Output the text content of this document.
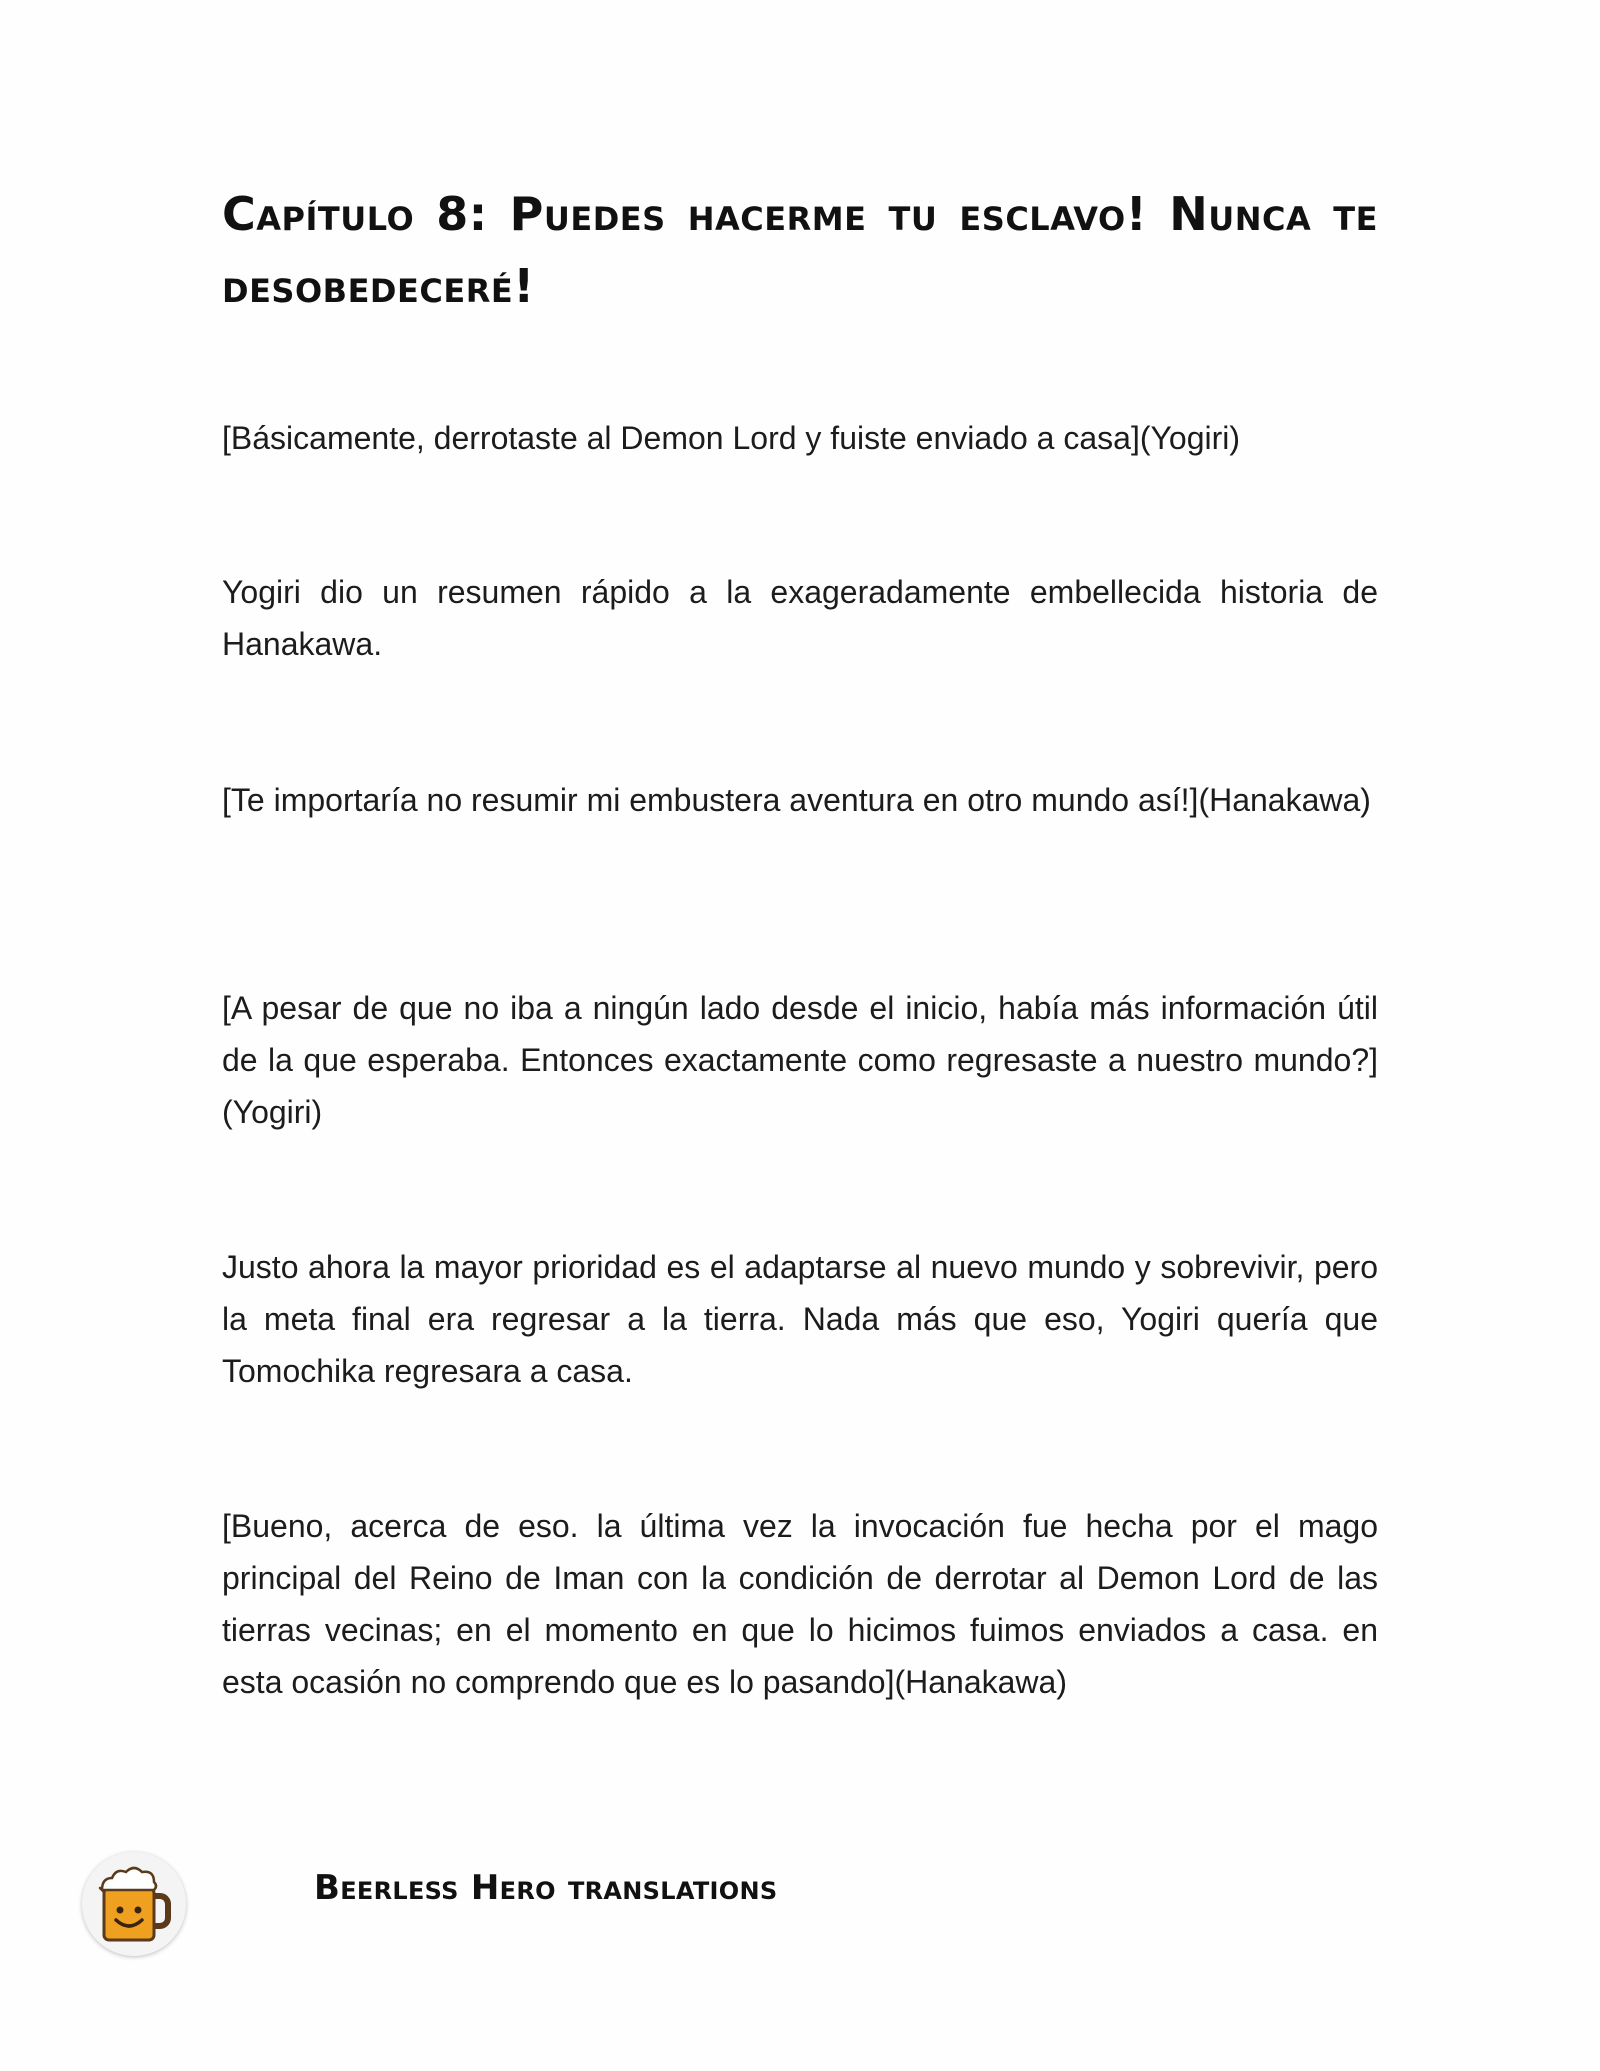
Capítulo 8: Puedes hacerme tu esclavo! Nunca te desobedeceré!

[Básicamente, derrotaste al Demon Lord y fuiste enviado a casa](Yogiri)

Yogiri dio un resumen rápido a la exageradamente embellecida historia de Hanakawa.

[Te importaría no resumir mi embustera aventura en otro mundo así!](Hanakawa)

[A pesar de que no iba a ningún lado desde el inicio, había más información útil de la que esperaba. Entonces exactamente como regresaste a nuestro mundo?](Yogiri)

Justo ahora la mayor prioridad es el adaptarse al nuevo mundo y sobrevivir, pero la meta final era regresar a la tierra. Nada más que eso, Yogiri quería que Tomochika regresara a casa.

[Bueno, acerca de eso. la última vez la invocación fue hecha por el mago principal del Reino de Iman con la condición de derrotar al Demon Lord de las tierras vecinas; en el momento en que lo hicimos fuimos enviados a casa. en esta ocasión no comprendo que es lo pasando](Hanakawa)

Beerless Hero translations
